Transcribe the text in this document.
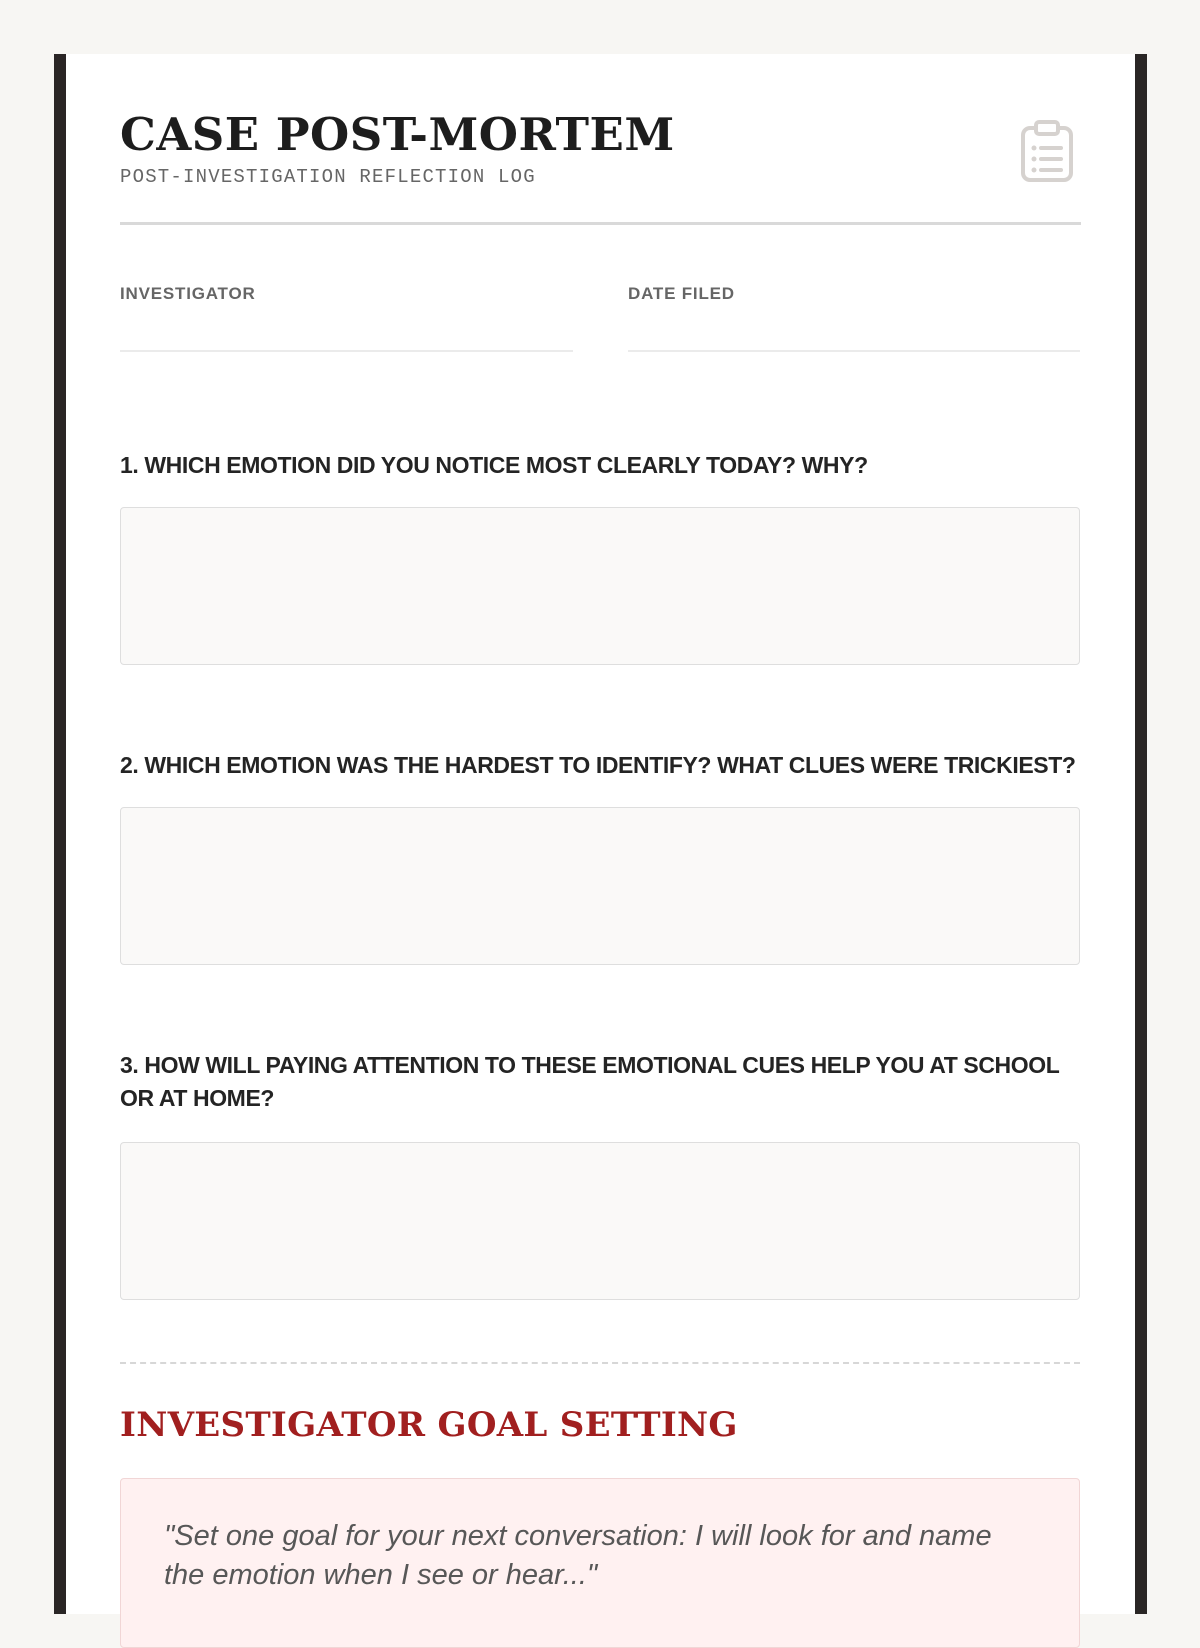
CASE POST-MORTEM
POST-INVESTIGATION REFLECTION LOG
INVESTIGATOR	DATE FILED
1. WHICH EMOTION DID YOU NOTICE MOST CLEARLY TODAY? WHY?
2. WHICH EMOTION WAS THE HARDEST TO IDENTIFY? WHAT CLUES WERE TRICKIEST?
3. HOW WILL PAYING ATTENTION TO THESE EMOTIONAL CUES HELP YOU AT SCHOOL OR AT HOME?
INVESTIGATOR GOAL SETTING
"Set one goal for your next conversation: I will look for and name the emotion when I see or hear..."
